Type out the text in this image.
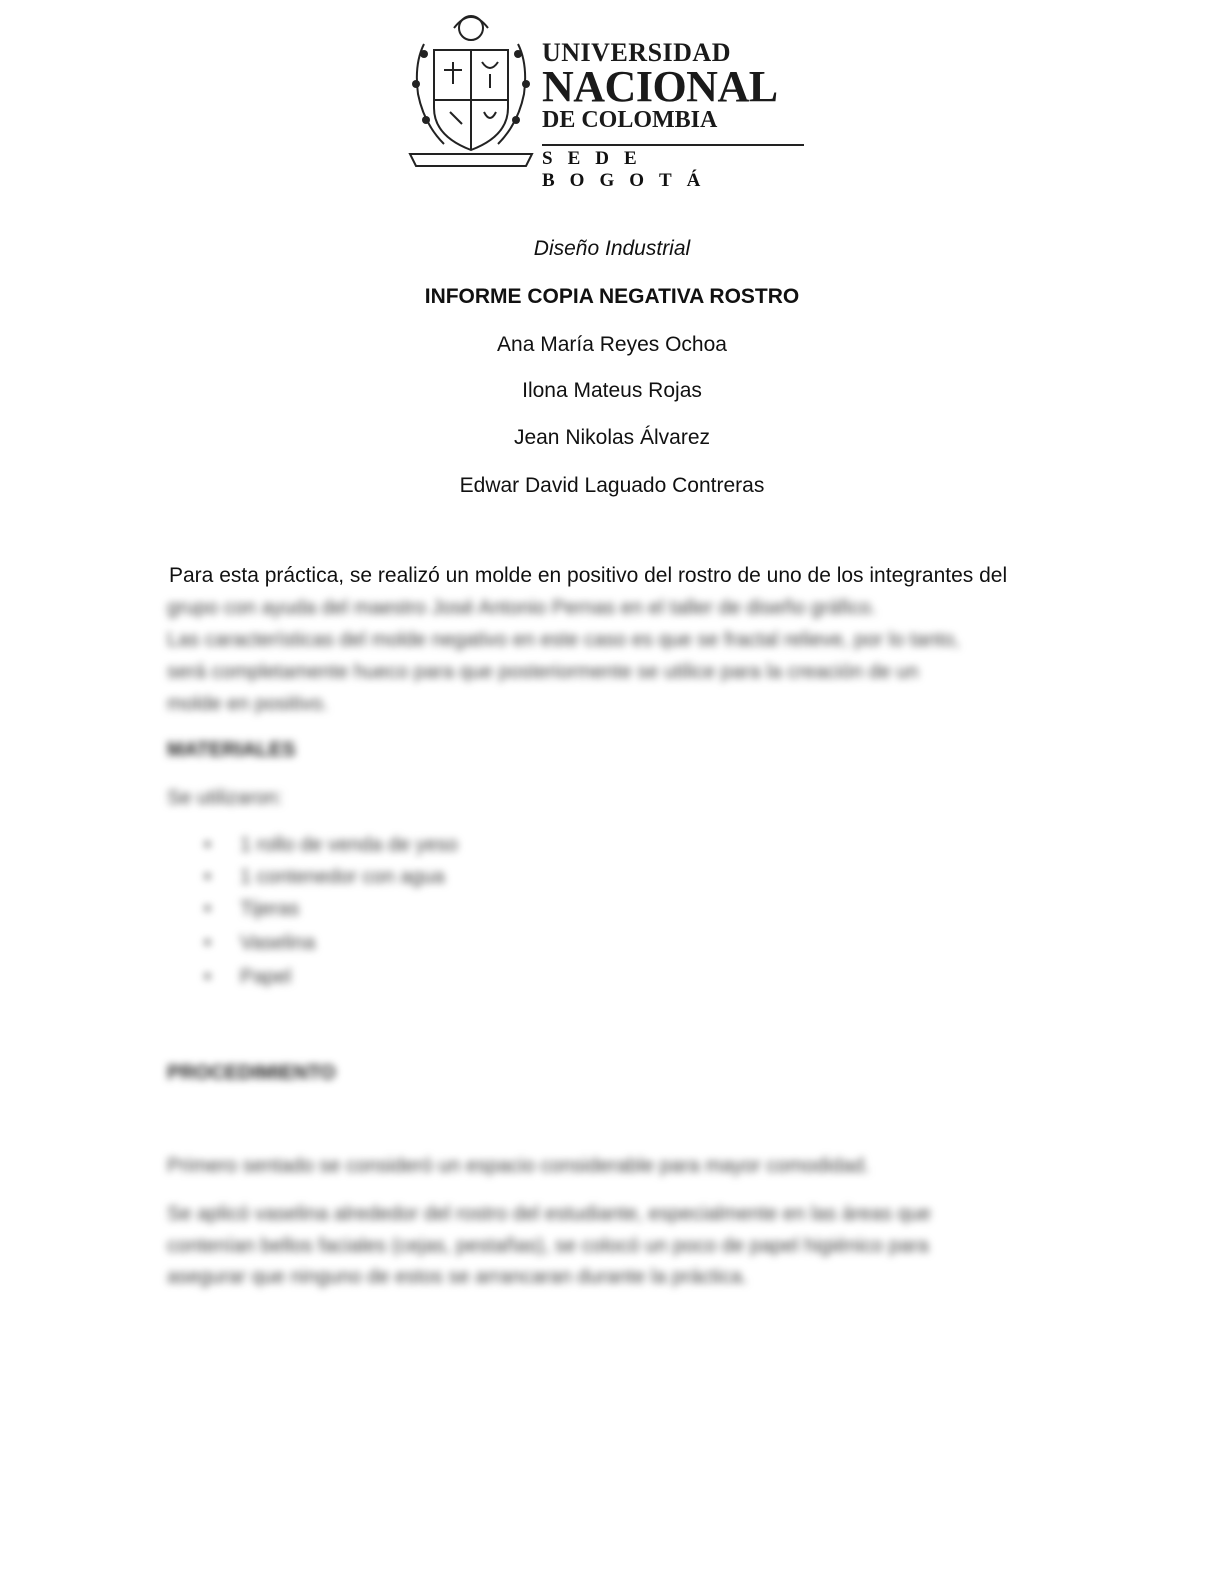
UNIVERSIDAD
NACIONAL
DE COLOMBIA
SEDE BOGOTÁ
Diseño Industrial
INFORME COPIA NEGATIVA ROSTRO
Ana María Reyes Ochoa
Ilona Mateus Rojas
Jean Nikolas Álvarez
Edwar David Laguado Contreras
Para esta práctica, se realizó un molde en positivo del rostro de uno de los integrantes del
grupo con ayuda del maestro José Antonio Pernas en el taller de diseño gráfico.
Las características del molde negativo en este caso es que se fractal relieve, por lo tanto,
será completamente hueco para que posteriormente se utilice para la creación de un
molde en positivo.
MATERIALES
Se utilizaron:
• 1 rollo de venda de yeso
• 1 contenedor con agua
• Tijeras
• Vaselina
• Papel
PROCEDIMIENTO
Primero sentado se consideró un espacio considerable para mayor comodidad.
Se aplicó vaselina alrededor del rostro del estudiante, especialmente en las áreas que
contenían bellos faciales (cejas, pestañas), se colocó un poco de papel higiénico para
asegurar que ninguno de estos se arrancaran durante la práctica.
